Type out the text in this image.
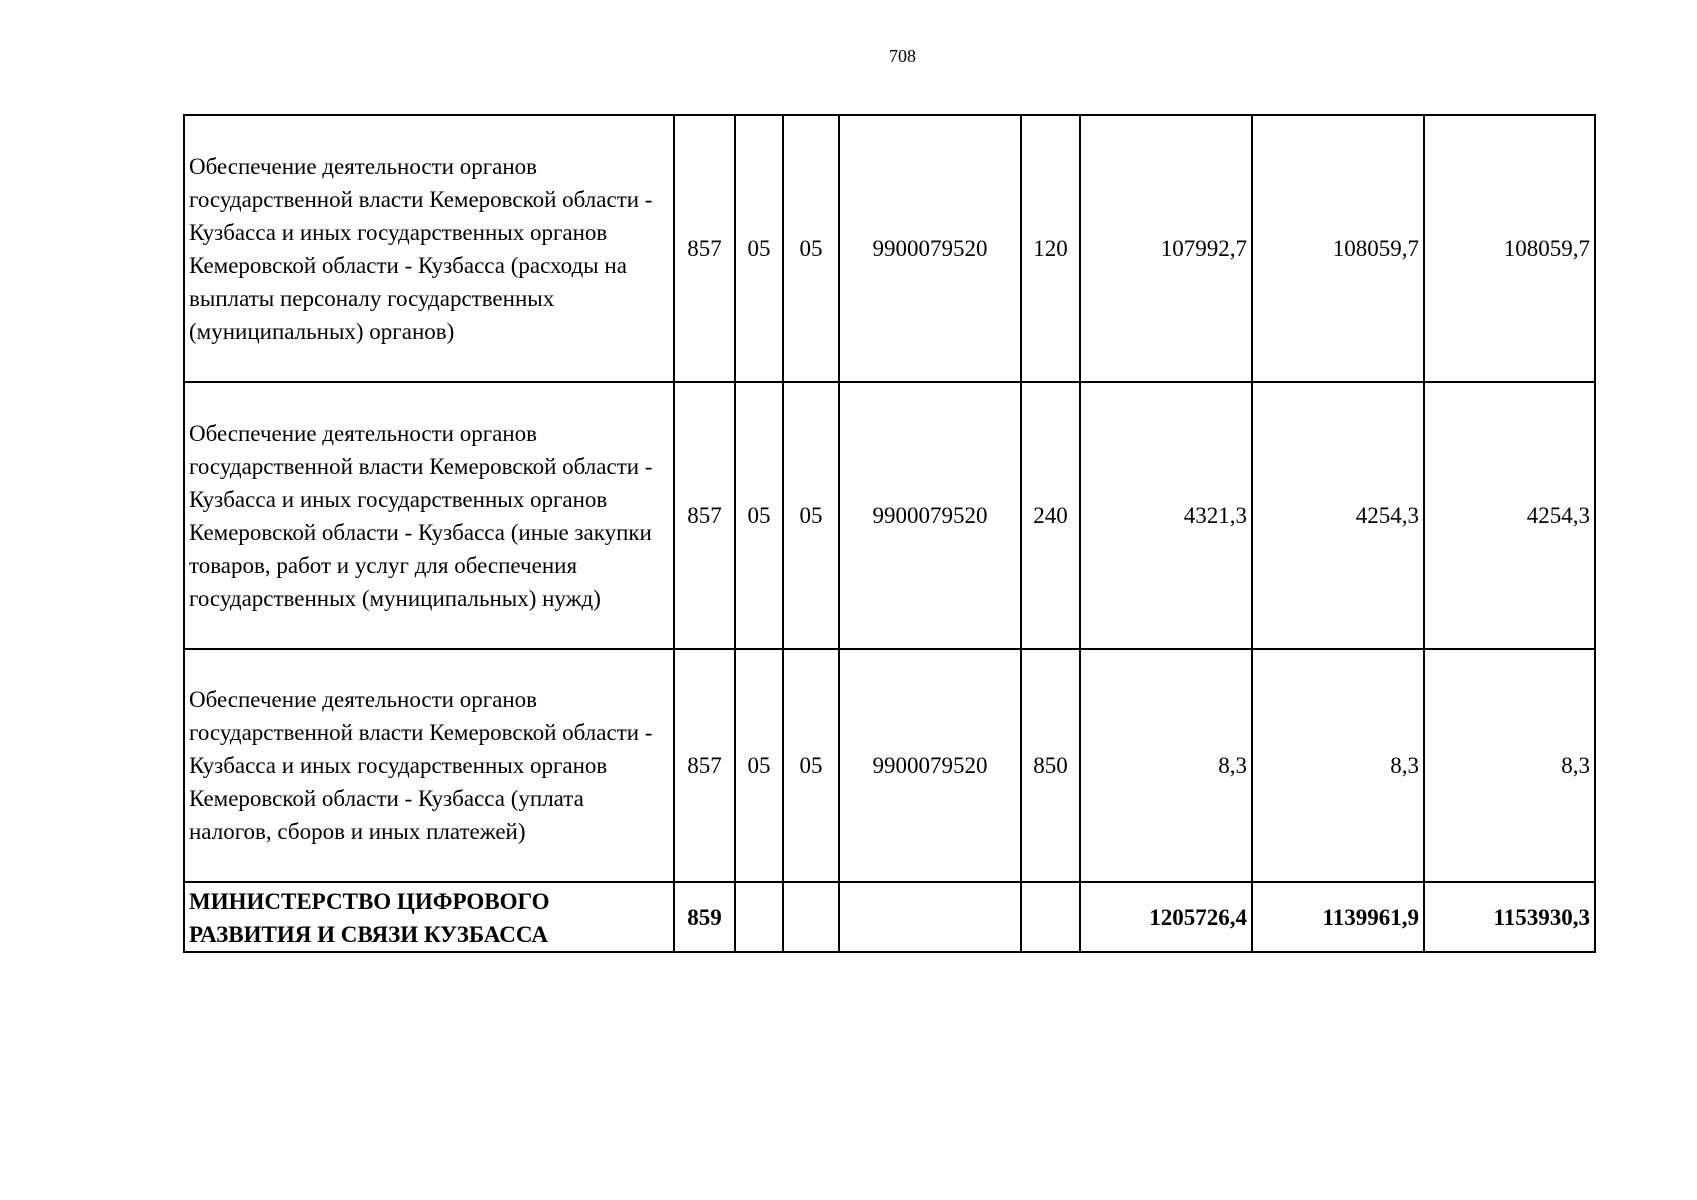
708
Обеспечение деятельности органов государственной власти Кемеровской области - Кузбасса и иных государственных органов Кемеровской области - Кузбасса (расходы на выплаты персоналу государственных (муниципальных) органов)	857	05	05	9900079520	120	107992,7	108059,7	108059,7
Обеспечение деятельности органов государственной власти Кемеровской области - Кузбасса и иных государственных органов Кемеровской области - Кузбасса (иные закупки товаров, работ и услуг для обеспечения государственных (муниципальных) нужд)	857	05	05	9900079520	240	4321,3	4254,3	4254,3
Обеспечение деятельности органов государственной власти Кемеровской области - Кузбасса и иных государственных органов Кемеровской области - Кузбасса (уплата налогов, сборов и иных платежей)	857	05	05	9900079520	850	8,3	8,3	8,3
МИНИСТЕРСТВО ЦИФРОВОГО РАЗВИТИЯ И СВЯЗИ КУЗБАССА	859					1205726,4	1139961,9	1153930,3
